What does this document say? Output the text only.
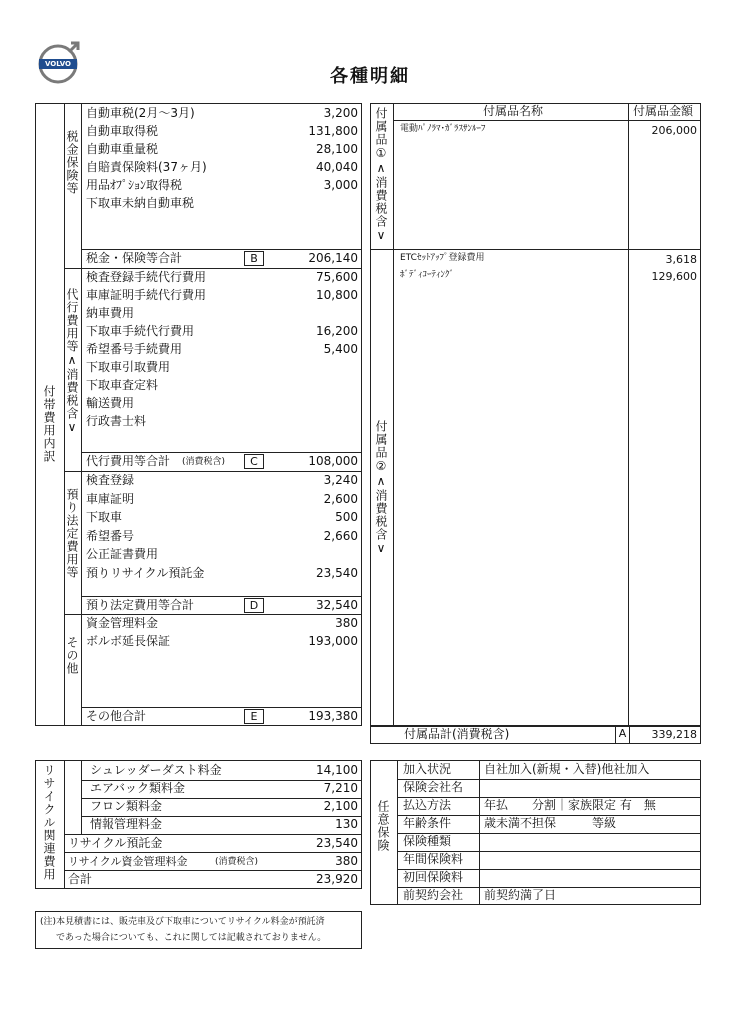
VOLVO
各種明細
付帯費用内訳
税金保険等
自動車税(2月～3月)	3,200
自動車取得税	131,800
自動車重量税	28,100
自賠責保険料(37ヶ月)	40,040
用品ｵﾌﾟｼｮﾝ取得税	3,000
下取車未納自動車税
税金・保険等合計	B	206,140
代行費用等∧消費税含∨
検査登録手続代行費用	75,600
車庫証明手続代行費用	10,800
納車費用
下取車手続代行費用	16,200
希望番号手続費用	5,400
下取車引取費用
下取車査定料
輸送費用
行政書士料
代行費用等合計 (消費税含)	C	108,000
預り法定費用等
検査登録	3,240
車庫証明	2,600
下取車	500
希望番号	2,660
公正証書費用
預りリサイクル預託金	23,540
預り法定費用等合計	D	32,540
その他
資金管理料金	380
ボルボ延長保証	193,000
その他合計	E	193,380
付属品名称	付属品金額
付属品①∧消費税含∨
付属品②∧消費税含∨
電動ﾊﾟﾉﾗﾏ･ｶﾞﾗｽｻﾝﾙｰﾌ	206,000
ETCｾｯﾄｱｯﾌﾟ登録費用	3,618
ﾎﾞﾃﾞｨｺｰﾃｨﾝｸﾞ	129,600
付属品計(消費税含)	A	339,218
リサイクル関連費用	シュレッダーダスト料金	14,100
エアバック類料金	7,210
フロン類料金	2,100
情報管理料金	130
リサイクル預託金	23,540
リサイクル資金管理料金	(消費税含)	380
合計	23,920
任意保険
加入状況	自社加入(新規・入替)他社加入
保険会社名
払込方法	年払　　分割｜家族限定 有　無
年齢条件	歳未満不担保　　　等級
保険種類
年間保険料
初回保険料
前契約会社 前契約満了日
(注)本見積書には、販売車及び下取車についてリサイクル料金が預託済
であった場合についても、これに関しては記載されておりません。
